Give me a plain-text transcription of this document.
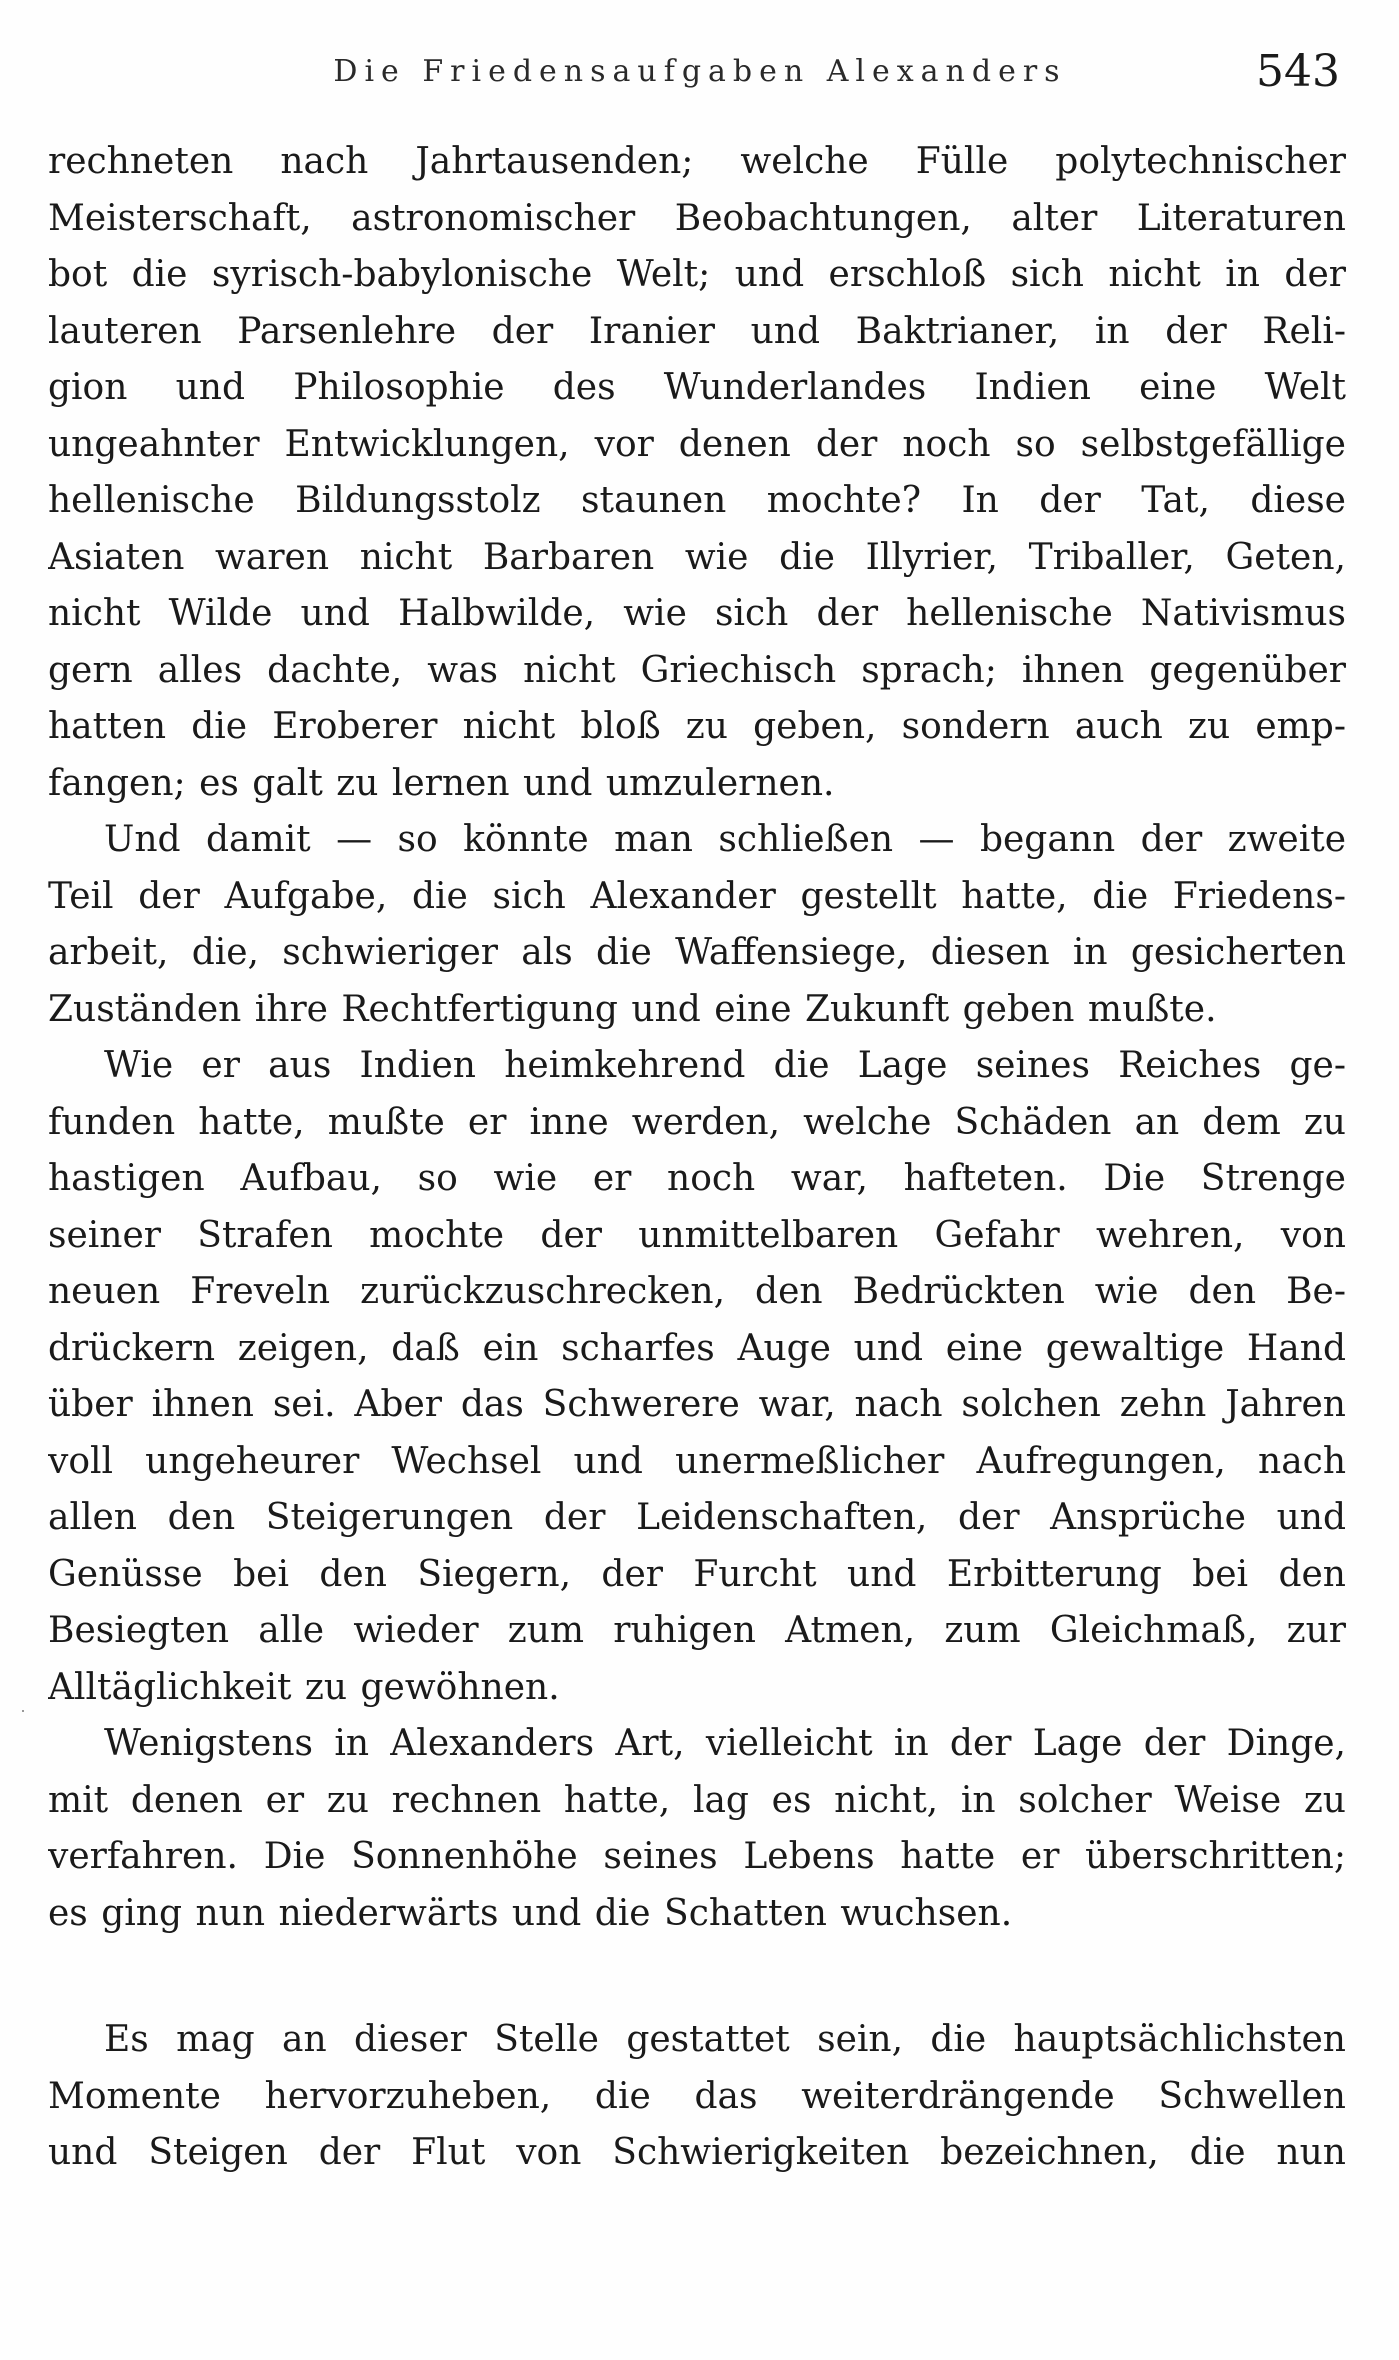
Die Friedensaufgaben Alexanders	543
rechneten nach Jahrtausenden; welche Fülle polytechnischer
Meisterschaft, astronomischer Beobachtungen, alter Literaturen
bot die syrisch-babylonische Welt; und erschloß sich nicht in der
lauteren Parsenlehre der Iranier und Baktrianer, in der Reli-
gion und Philosophie des Wunderlandes Indien eine Welt
ungeahnter Entwicklungen, vor denen der noch so selbstgefällige
hellenische Bildungsstolz staunen mochte? In der Tat, diese
Asiaten waren nicht Barbaren wie die Illyrier, Triballer, Geten,
nicht Wilde und Halbwilde, wie sich der hellenische Nativismus
gern alles dachte, was nicht Griechisch sprach; ihnen gegenüber
hatten die Eroberer nicht bloß zu geben, sondern auch zu emp-
fangen; es galt zu lernen und umzulernen.
Und damit — so könnte man schließen — begann der zweite
Teil der Aufgabe, die sich Alexander gestellt hatte, die Friedens-
arbeit, die, schwieriger als die Waffensiege, diesen in gesicherten
Zuständen ihre Rechtfertigung und eine Zukunft geben mußte.
Wie er aus Indien heimkehrend die Lage seines Reiches ge-
funden hatte, mußte er inne werden, welche Schäden an dem zu
hastigen Aufbau, so wie er noch war, hafteten. Die Strenge
seiner Strafen mochte der unmittelbaren Gefahr wehren, von
neuen Freveln zurückzuschrecken, den Bedrückten wie den Be-
drückern zeigen, daß ein scharfes Auge und eine gewaltige Hand
über ihnen sei. Aber das Schwerere war, nach solchen zehn Jahren
voll ungeheurer Wechsel und unermeßlicher Aufregungen, nach
allen den Steigerungen der Leidenschaften, der Ansprüche und
Genüsse bei den Siegern, der Furcht und Erbitterung bei den
Besiegten alle wieder zum ruhigen Atmen, zum Gleichmaß, zur
Alltäglichkeit zu gewöhnen.
Wenigstens in Alexanders Art, vielleicht in der Lage der Dinge,
mit denen er zu rechnen hatte, lag es nicht, in solcher Weise zu
verfahren. Die Sonnenhöhe seines Lebens hatte er überschritten;
es ging nun niederwärts und die Schatten wuchsen.
Es mag an dieser Stelle gestattet sein, die hauptsächlichsten
Momente hervorzuheben, die das weiterdrängende Schwellen
und Steigen der Flut von Schwierigkeiten bezeichnen, die nun
